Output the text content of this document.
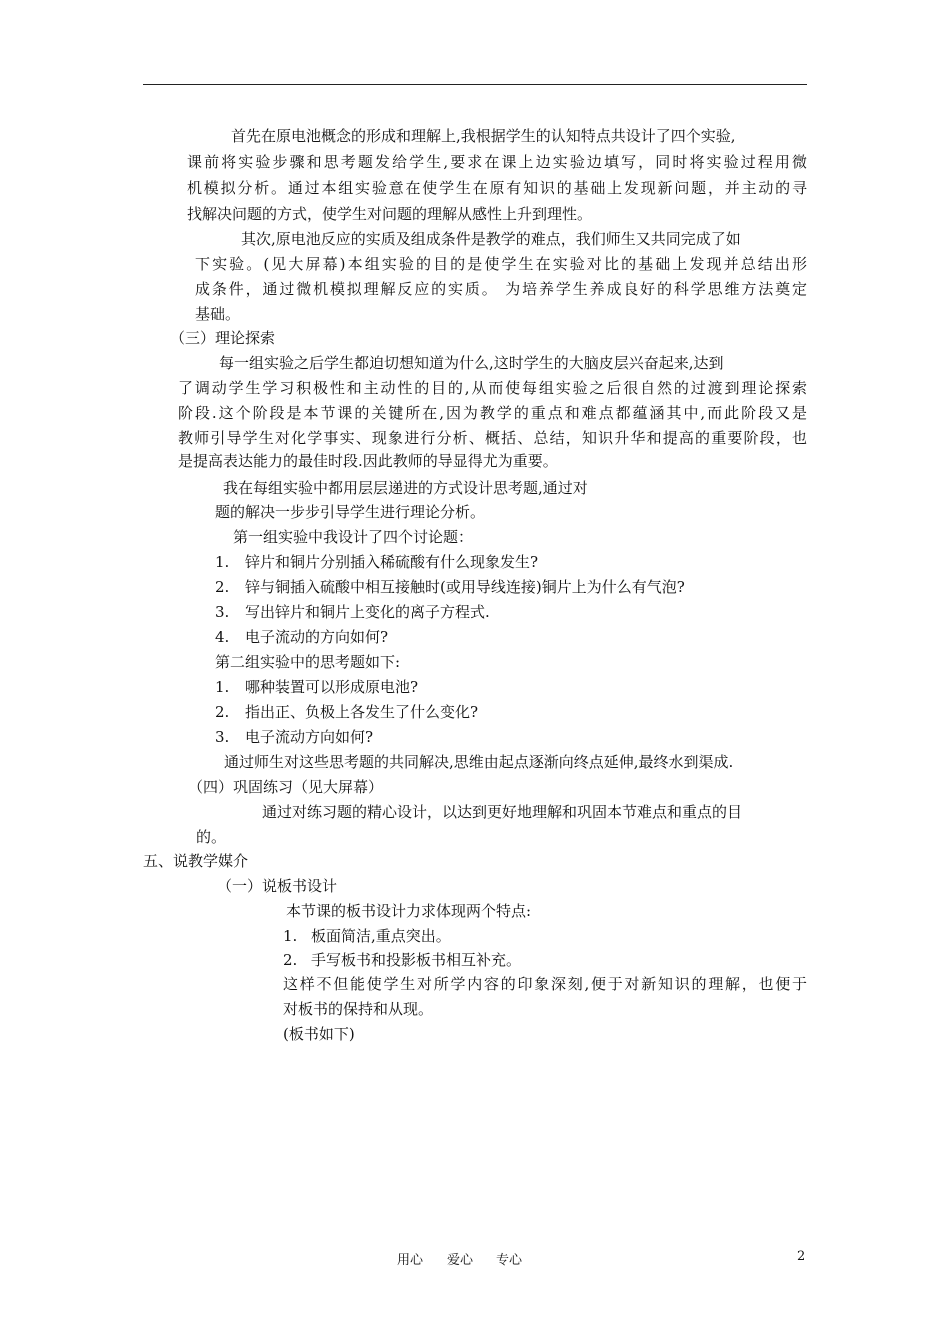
首先在原电池概念的形成和理解上,我根据学生的认知特点共设计了四个实验,
课前将实验步骤和思考题发给学生,要求在课上边实验边填写，同时将实验过程用微
机模拟分析。通过本组实验意在使学生在原有知识的基础上发现新问题，并主动的寻
找解决问题的方式，使学生对问题的理解从感性上升到理性。
其次,原电池反应的实质及组成条件是教学的难点，我们师生又共同完成了如
下实验。(见大屏幕)本组实验的目的是使学生在实验对比的基础上发现并总结出形
成条件，通过微机模拟理解反应的实质。 为培养学生养成良好的科学思维方法奠定
基础。
（三）理论探索
每一组实验之后学生都迫切想知道为什么,这时学生的大脑皮层兴奋起来,达到
了调动学生学习积极性和主动性的目的,从而使每组实验之后很自然的过渡到理论探索
阶段.这个阶段是本节课的关键所在,因为教学的重点和难点都蕴涵其中,而此阶段又是
教师引导学生对化学事实、现象进行分析、概括、总结，知识升华和提高的重要阶段，也
是提高表达能力的最佳时段.因此教师的导显得尤为重要。
我在每组实验中都用层层递进的方式设计思考题,通过对
题的解决一步步引导学生进行理论分析。
第一组实验中我设计了四个讨论题：
1. 锌片和铜片分别插入稀硫酸有什么现象发生?
2. 锌与铜插入硫酸中相互接触时(或用导线连接)铜片上为什么有气泡?
3. 写出锌片和铜片上变化的离子方程式.
4. 电子流动的方向如何?
第二组实验中的思考题如下:
1. 哪种装置可以形成原电池?
2. 指出正、负极上各发生了什么变化?
3. 电子流动方向如何?
通过师生对这些思考题的共同解决,思维由起点逐渐向终点延伸,最终水到渠成.
（四）巩固练习（见大屏幕）
通过对练习题的精心设计，以达到更好地理解和巩固本节难点和重点的目
的。
五、说教学媒介
（一）说板书设计
本节课的板书设计力求体现两个特点:
1. 板面简洁,重点突出。
2. 手写板书和投影板书相互补充。
这样不但能使学生对所学内容的印象深刻,便于对新知识的理解，也便于
对板书的保持和从现。
(板书如下)
用心 爱心 专心	2
